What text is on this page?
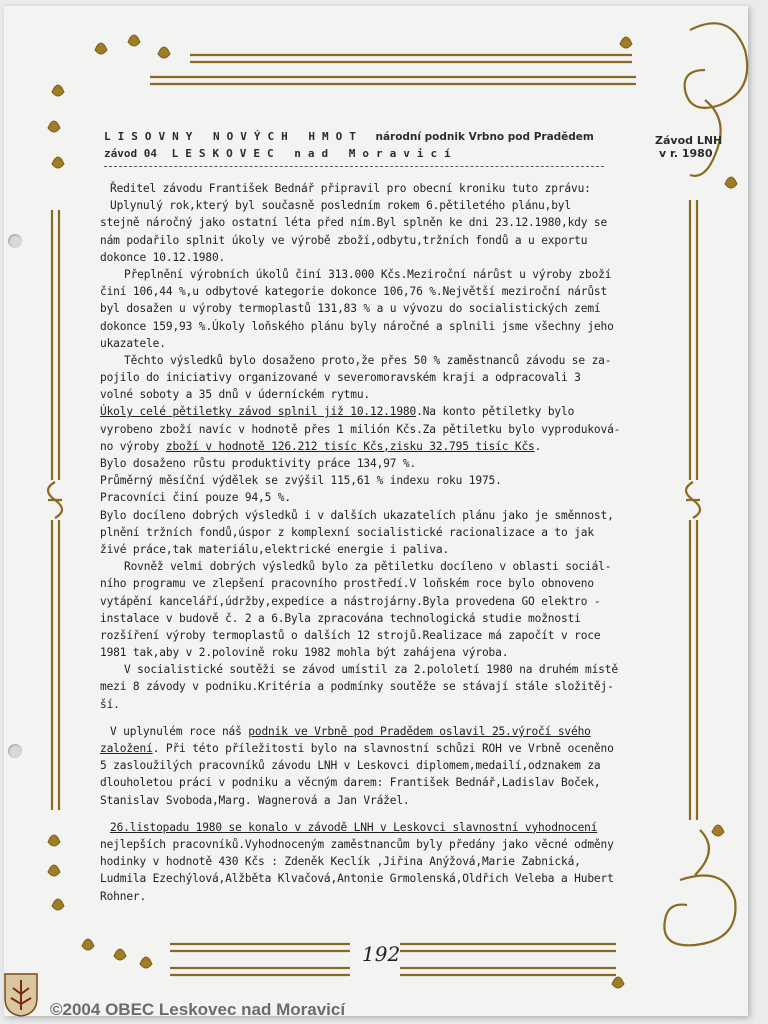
LISOVNY NOVÝCH HMOT národní podnik Vrbno pod Pradědem
závod 04 LESKOVEC nad Moravicí
Závod LNH
v r. 1980
Ředitel závodu František Bednář připravil pro obecní kroniku tuto zprávu:
Uplynulý rok,který byl současně posledním rokem 6.pětiletého plánu,byl
stejně náročný jako ostatní léta před ním.Byl splněn ke dni 23.12.1980,kdy se
nám podařilo splnit úkoly ve výrobě zboží,odbytu,tržních fondů a u exportu
dokonce 10.12.1980.
Přeplnění výrobních úkolů činí 313.000 Kčs.Meziroční nárůst u výroby zboží
činí 106,44 %,u odbytové kategorie dokonce 106,76 %.Největší meziroční nárůst
byl dosažen u výroby termoplastů 131,83 % a u vývozu do socialistických zemí
dokonce 159,93 %.Úkoly loňského plánu byly náročné a splnili jsme všechny jeho
ukazatele.
Těchto výsledků bylo dosaženo proto,že přes 50 % zaměstnanců závodu se za-
pojilo do iniciativy organizované v severomoravském kraji a odpracovali 3
volné soboty a 35 dnů v úderníckém rytmu.
Úkoly celé pětiletky závod splnil již 10.12.1980.Na konto pětiletky bylo
vyrobeno zboží navíc v hodnotě přes 1 milión Kčs.Za pětiletku bylo vyproduková-
no výroby zboží v hodnotě 126.212 tisíc Kčs,zisku 32.795 tisíc Kčs.
Bylo dosaženo růstu produktivity práce 134,97 %.
Průměrný měsíční výdělek se zvýšil 115,61 % indexu roku 1975.
Pracovníci činí pouze 94,5 %.
Bylo docíleno dobrých výsledků i v dalších ukazatelích plánu jako je směnnost,
plnění tržních fondů,úspor z komplexní socialistické racionalizace a to jak
živé práce,tak materiálu,elektrické energie i paliva.
Rovněž velmi dobrých výsledků bylo za pětiletku docíleno v oblasti sociál-
ního programu ve zlepšení pracovního prostředí.V loňském roce bylo obnoveno
vytápění kanceláří,údržby,expedice a nástrojárny.Byla provedena GO elektro -
instalace v budově č. 2 a 6.Byla zpracována technologická studie možnosti
rozšíření výroby termoplastů o dalších 12 strojů.Realizace má započít v roce
1981 tak,aby v 2.polovině roku 1982 mohla být zahájena výroba.
V socialistické soutěži se závod umístil za 2.pololetí 1980 na druhém místě
mezi 8 závody v podniku.Kritéria a podmínky soutěže se stávají stále složitěj-
ší.
V uplynulém roce náš podnik ve Vrbně pod Pradědem oslavil 25.výročí svého
založení. Při této příležitosti bylo na slavnostní schůzi ROH ve Vrbně oceněno
5 zasloužilých pracovníků závodu LNH v Leskovci diplomem,medailí,odznakem za
dlouholetou práci v podniku a věcným darem: František Bednář,Ladislav Boček,
Stanislav Svoboda,Marg. Wagnerová a Jan Vrážel.
26.listopadu 1980 se konalo v závodě LNH v Leskovci slavnostní vyhodnocení
nejlepších pracovníků.Vyhodnoceným zaměstnancům byly předány jako věcné odměny
hodinky v hodnotě 430 Kčs : Zdeněk Keclík ,Jiřina Anýžová,Marie Zabnická,
Ludmila Ezechýlová,Alžběta Klvačová,Antonie Grmolenská,Oldřich Veleba a Hubert
Rohner.
192
©2004 OBEC Leskovec nad Moravicí
